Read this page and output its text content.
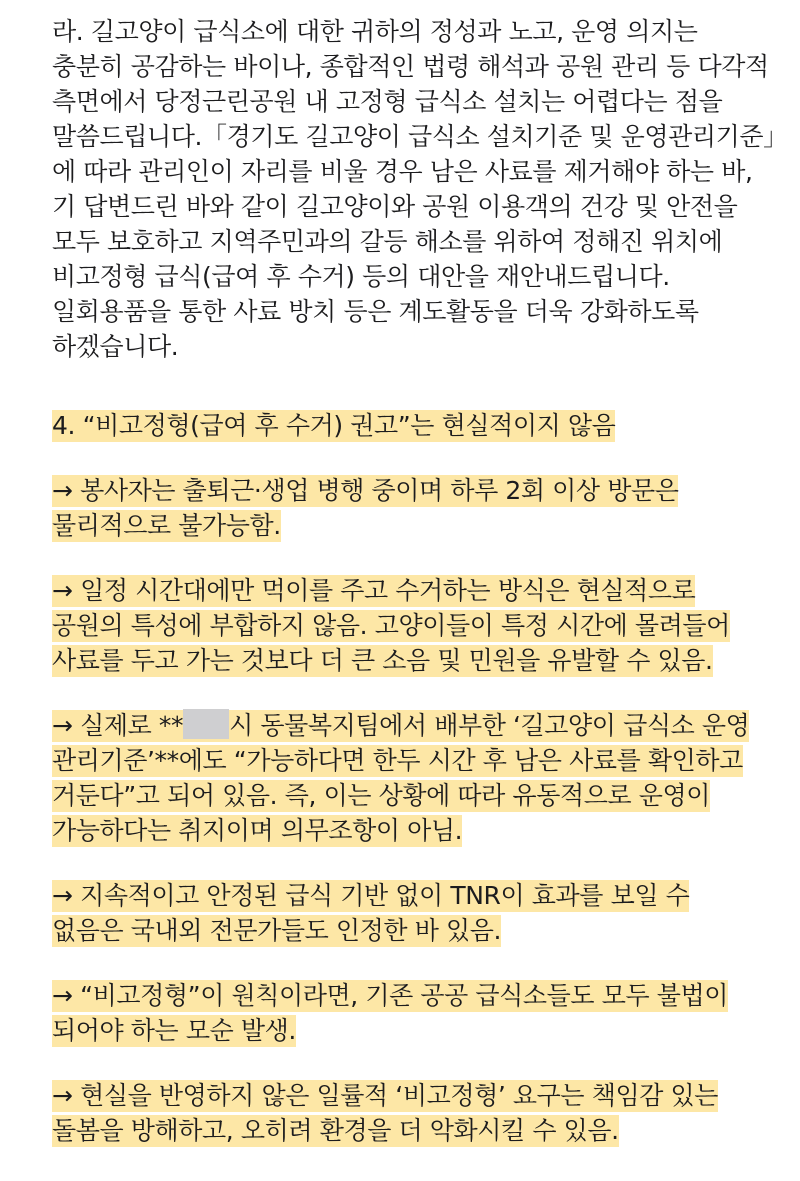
라. 길고양이 급식소에 대한 귀하의 정성과 노고, 운영 의지는
충분히 공감하는 바이나, 종합적인 법령 해석과 공원 관리 등 다각적
측면에서 당정근린공원 내 고정형 급식소 설치는 어렵다는 점을
말씀드립니다.「경기도 길고양이 급식소 설치기준 및 운영관리기준」
에 따라 관리인이 자리를 비울 경우 남은 사료를 제거해야 하는 바,
기 답변드린 바와 같이 길고양이와 공원 이용객의 건강 및 안전을
모두 보호하고 지역주민과의 갈등 해소를 위하여 정해진 위치에
비고정형 급식(급여 후 수거) 등의 대안을 재안내드립니다.
일회용품을 통한 사료 방치 등은 계도활동을 더욱 강화하도록
하겠습니다.
4. “비고정형(급여 후 수거) 권고”는 현실적이지 않음
→ 봉사자는 출퇴근·생업 병행 중이며 하루 2회 이상 방문은
물리적으로 불가능함.
→ 일정 시간대에만 먹이를 주고 수거하는 방식은 현실적으로
공원의 특성에 부합하지 않음. 고양이들이 특정 시간에 몰려들어
사료를 두고 가는 것보다 더 큰 소음 및 민원을 유발할 수 있음.
→ 실제로 ** 시 동물복지팀에서 배부한 ‘길고양이 급식소 운영
관리기준’**에도 “가능하다면 한두 시간 후 남은 사료를 확인하고
거둔다”고 되어 있음. 즉, 이는 상황에 따라 유동적으로 운영이
가능하다는 취지이며 의무조항이 아님.
→ 지속적이고 안정된 급식 기반 없이 TNR이 효과를 보일 수
없음은 국내외 전문가들도 인정한 바 있음.
→ “비고정형”이 원칙이라면, 기존 공공 급식소들도 모두 불법이
되어야 하는 모순 발생.
→ 현실을 반영하지 않은 일률적 ‘비고정형’ 요구는 책임감 있는
돌봄을 방해하고, 오히려 환경을 더 악화시킬 수 있음.
